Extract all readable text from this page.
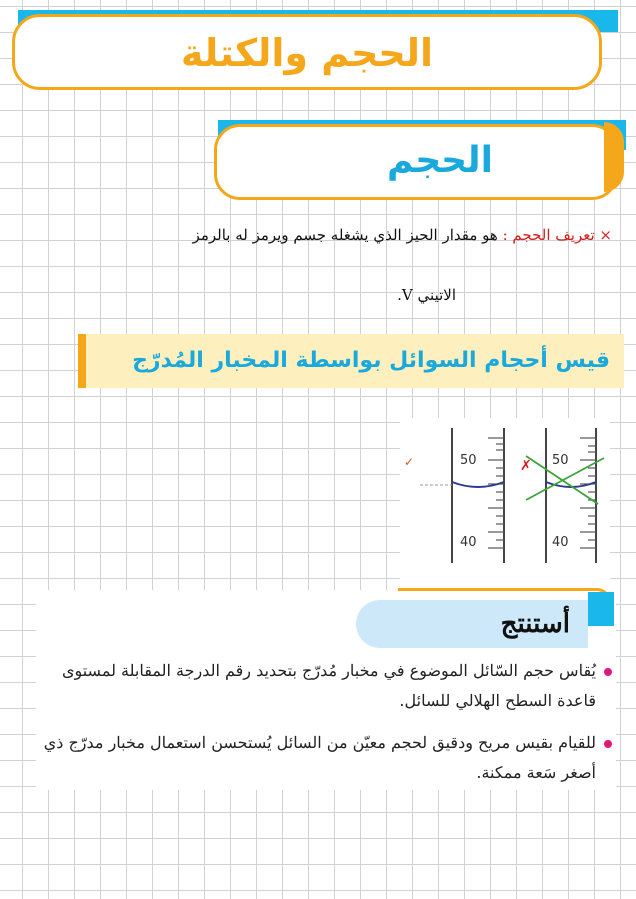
الحجم والكتلة
الحجم
× تعريف الحجم : هو مقدار الحيز الذي يشغله جسم ويرمز له بالرمز
الاتيني V.
قيس أحجام السوائل بواسطة المخبار المُدرّج
✓	50
40
✗ 50
40
أستنتج
يُقاس حجم السّائل الموضوع في مخبار مُدرّج بتحديد رقم الدرجة المقابلة لمستوى قاعدة السطح الهلالي للسائل.
للقيام بقيس مريح ودقيق لحجم معيّن من السائل يُستحسن استعمال مخبار مدرّج ذي أصغر سَعة ممكنة.
